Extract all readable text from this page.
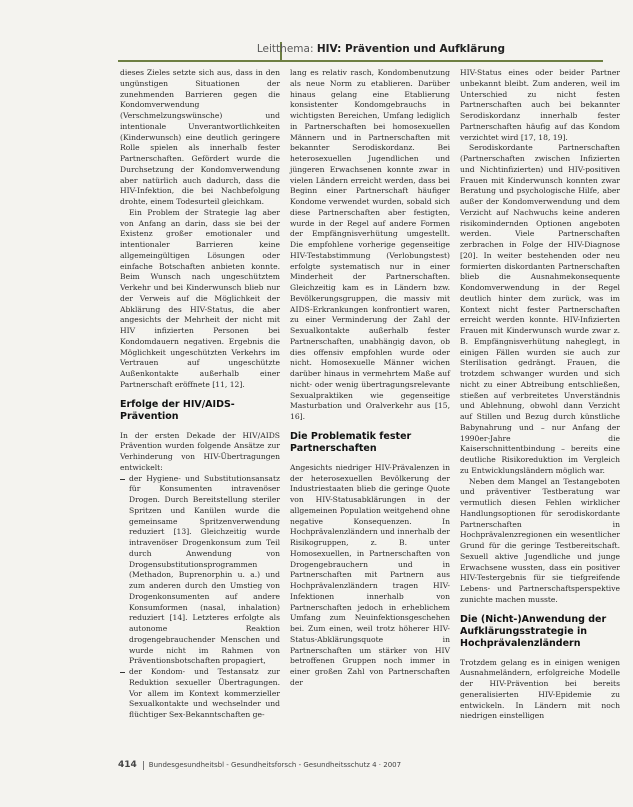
Leitthema: HIV: Prävention und Aufklärung

dieses Zieles setzte sich aus, dass in den ungünstigen Situationen der zunehmenden Barrieren gegen die Kondomverwendung (Verschmelzungswünsche) und intentionale Unverantwortlichkeiten (Kinderwunsch) eine deutlich geringere Rolle spielen als innerhalb fester Partnerschaften. Gefördert wurde die Durchsetzung der Kondomverwendung aber natürlich auch dadurch, dass die HIV-Infektion, die bei Nachbefolgung drohte, einem Todesurteil gleichkam.

Ein Problem der Strategie lag aber von Anfang an darin, dass sie bei der Existenz großer emotionaler und intentionaler Barrieren keine allgemeingültigen Lösungen oder einfache Botschaften anbieten konnte. Beim Wunsch nach ungeschütztem Verkehr und bei Kinderwunsch blieb nur der Verweis auf die Möglichkeit der Abklärung des HIV-Status, die aber angesichts der Mehrheit der nicht mit HIV infizierten Personen bei Kondomdauern negativen. Ergebnis die Möglichkeit ungeschützten Verkehrs im Vertrauen auf ungeschützte Außenkontakte außerhalb einer Partnerschaft eröffnete [11, 12].

Erfolge der HIV/AIDS-Prävention

In der ersten Dekade der HIV/AIDS Prävention wurden folgende Ansätze zur Verhinderung von HIV-Übertragungen entwickelt:

der Hygiene- und Substitutionsansatz für Konsumenten intravenöser Drogen. Durch Bereitstellung steriler Spritzen und Kanülen wurde die gemeinsame Spritzenverwendung reduziert [13]. Gleichzeitig wurde intravenöser Drogenkonsum zum Teil durch Anwendung von Drogensubstitutionsprogrammen (Methadon, Buprenorphin u. a.) und zum anderen durch den Umstieg von Drogenkonsumenten auf andere Konsumformen (nasal, inhalation) reduziert [14]. Letzteres erfolgte als autonome Reaktion drogengebrauchender Menschen und wurde nicht im Rahmen von Präventionsbotschaften propagiert,
der Kondom- und Testansatz zur Reduktion sexueller Übertragungen. Vor allem im Kontext kommerzieller Sexualkontakte und wechselnder und flüchtiger Sex-Bekanntschaften ge-

lang es relativ rasch, Kondombenutzung als neue Norm zu etablieren. Darüber hinaus gelang eine Etablierung konsistenter Kondomgebrauchs in wichtigsten Bereichen, Umfang lediglich in Partnerschaften bei homosexuellen Männern und in Partnerschaften mit bekannter Serodiskordanz. Bei heterosexuellen Jugendlichen und jüngeren Erwachsenen konnte zwar in vielen Ländern erreicht werden, dass bei Beginn einer Partnerschaft häufiger Kondome verwendet wurden, sobald sich diese Partnerschaften aber festigten, wurde in der Regel auf andere Formen der Empfängnisverhütung umgestellt. Die empfohlene vorherige gegenseitige HIV-Testabstimmung (Verlobungstest) erfolgte systematisch nur in einer Minderheit der Partnerschaften. Gleichzeitig kam es in Ländern bzw. Bevölkerungsgruppen, die massiv mit AIDS-Erkrankungen konfrontiert waren, zu einer Verminderung der Zahl der Sexualkontakte außerhalb fester Partnerschaften, unabhängig davon, ob dies offensiv empfohlen wurde oder nicht. Homosexuelle Männer wichen darüber hinaus in vermehrtem Maße auf nicht- oder wenig übertragungsrelevante Sexualpraktiken wie gegenseitige Masturbation und Oralverkehr aus [15, 16].

Die Problematik fester Partnerschaften

Angesichts niedriger HIV-Prävalenzen in der heterosexuellen Bevölkerung der Industriestaaten blieb die geringe Quote von HIV-Statusabklärungen in der allgemeinen Population weitgehend ohne negative Konsequenzen. In Hochprävalenzländern und innerhalb der Risikogruppen, z. B. unter Homosexuellen, in Partnerschaften von Drogengebrauchern und in Partnerschaften mit Partnern aus Hochprävalenzländern tragen HIV-Infektionen innerhalb von Partnerschaften jedoch in erheblichem Umfang zum Neuinfektionsgeschehen bei. Zum einen, weil trotz höherer HIV-Status-Abklärungsquote in Partnerschaften um stärker von HIV betroffenen Gruppen noch immer in einer großen Zahl von Partnerschaften der

HIV-Status eines oder beider Partner unbekannt bleibt. Zum anderen, weil im Unterschied zu nicht festen Partnerschaften auch bei bekannter Serodiskordanz innerhalb fester Partnerschaften häufig auf das Kondom verzichtet wird [17, 18, 19].

Serodiskordante Partnerschaften (Partnerschaften zwischen Infizierten und Nichtinfizierten) und HIV-positiven Frauen mit Kinderwunsch konnten zwar Beratung und psychologische Hilfe, aber außer der Kondomverwendung und dem Verzicht auf Nachwuchs keine anderen risikomindernden Optionen angeboten werden. Viele Partnerschaften zerbrachen in Folge der HIV-Diagnose [20]. In weiter bestehenden oder neu formierten diskordanten Partnerschaften blieb die Ausnahmekonsequente Kondomverwendung in der Regel deutlich hinter dem zurück, was im Kontext nicht fester Partnerschaften erreicht werden konnte. HIV-Infizierten Frauen mit Kinderwunsch wurde zwar z. B. Empfängnisverhütung naheglegt, in einigen Fällen wurden sie auch zur Sterilisation gedrängt. Frauen, die trotzdem schwanger wurden und sich nicht zu einer Abtreibung entschließen, stießen auf verbreitetes Unverständnis und Ablehnung, obwohl dann Verzicht auf Stillen und Bezug durch künstliche Babynahrung und – nur Anfang der 1990er-Jahre die Kaiserschnittentbindung – bereits eine deutliche Risikoreduktion im Vergleich zu Entwicklungsländern möglich war.

Neben dem Mangel an Testangeboten und präventiver Testberatung war vermutlich diesen Fehlen wirklicher Handlungsoptionen für serodiskordante Partnerschaften in Hochprävalenzregionen ein wesentlicher Grund für die geringe Testbereitschaft. Sexuell aktive Jugendliche und junge Erwachsene wussten, dass ein positiver HIV-Testergebnis für sie tiefgreifende Lebens- und Partnerschaftsperspektive zunichte machen musste.

Die (Nicht-)Anwendung der Aufklärungsstrategie in Hochprävalenzländern

Trotzdem gelang es in einigen wenigen Ausnahmeländern, erfolgreiche Modelle der HIV-Prävention bei bereits generalisierten HIV-Epidemie zu entwickeln. In Ländern mit noch niedrigen einstelligen

414 Bundesgesundheitsbl - Gesundheitsforsch - Gesundheitsschutz 4 · 2007
